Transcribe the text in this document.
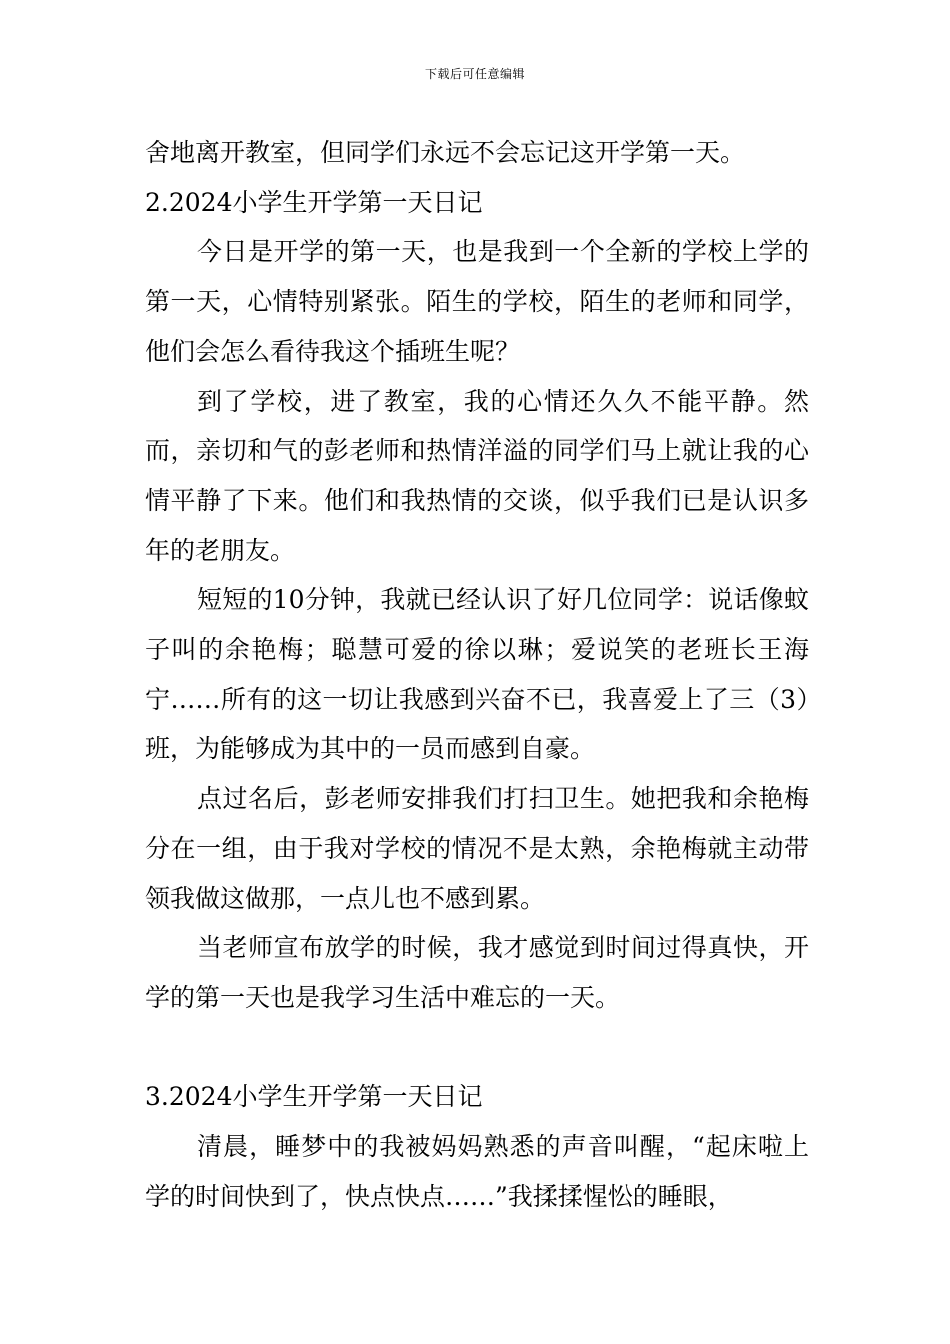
下载后可任意编辑

舍地离开教室，但同学们永远不会忘记这开学第一天。

2.2024小学生开学第一天日记

今日是开学的第一天，也是我到一个全新的学校上学的第一天，心情特别紧张。陌生的学校，陌生的老师和同学，他们会怎么看待我这个插班生呢？

到了学校，进了教室，我的心情还久久不能平静。然而，亲切和气的彭老师和热情洋溢的同学们马上就让我的心情平静了下来。他们和我热情的交谈，似乎我们已是认识多年的老朋友。

短短的10分钟，我就已经认识了好几位同学：说话像蚊子叫的余艳梅；聪慧可爱的徐以琳；爱说笑的老班长王海宁……所有的这一切让我感到兴奋不已，我喜爱上了三（3）班，为能够成为其中的一员而感到自豪。

点过名后，彭老师安排我们打扫卫生。她把我和余艳梅分在一组，由于我对学校的情况不是太熟，余艳梅就主动带领我做这做那，一点儿也不感到累。

当老师宣布放学的时候，我才感觉到时间过得真快，开学的第一天也是我学习生活中难忘的一天。

3.2024小学生开学第一天日记

清晨，睡梦中的我被妈妈熟悉的声音叫醒，“起床啦上学的时间快到了，快点快点……”我揉揉惺忪的睡眼，
